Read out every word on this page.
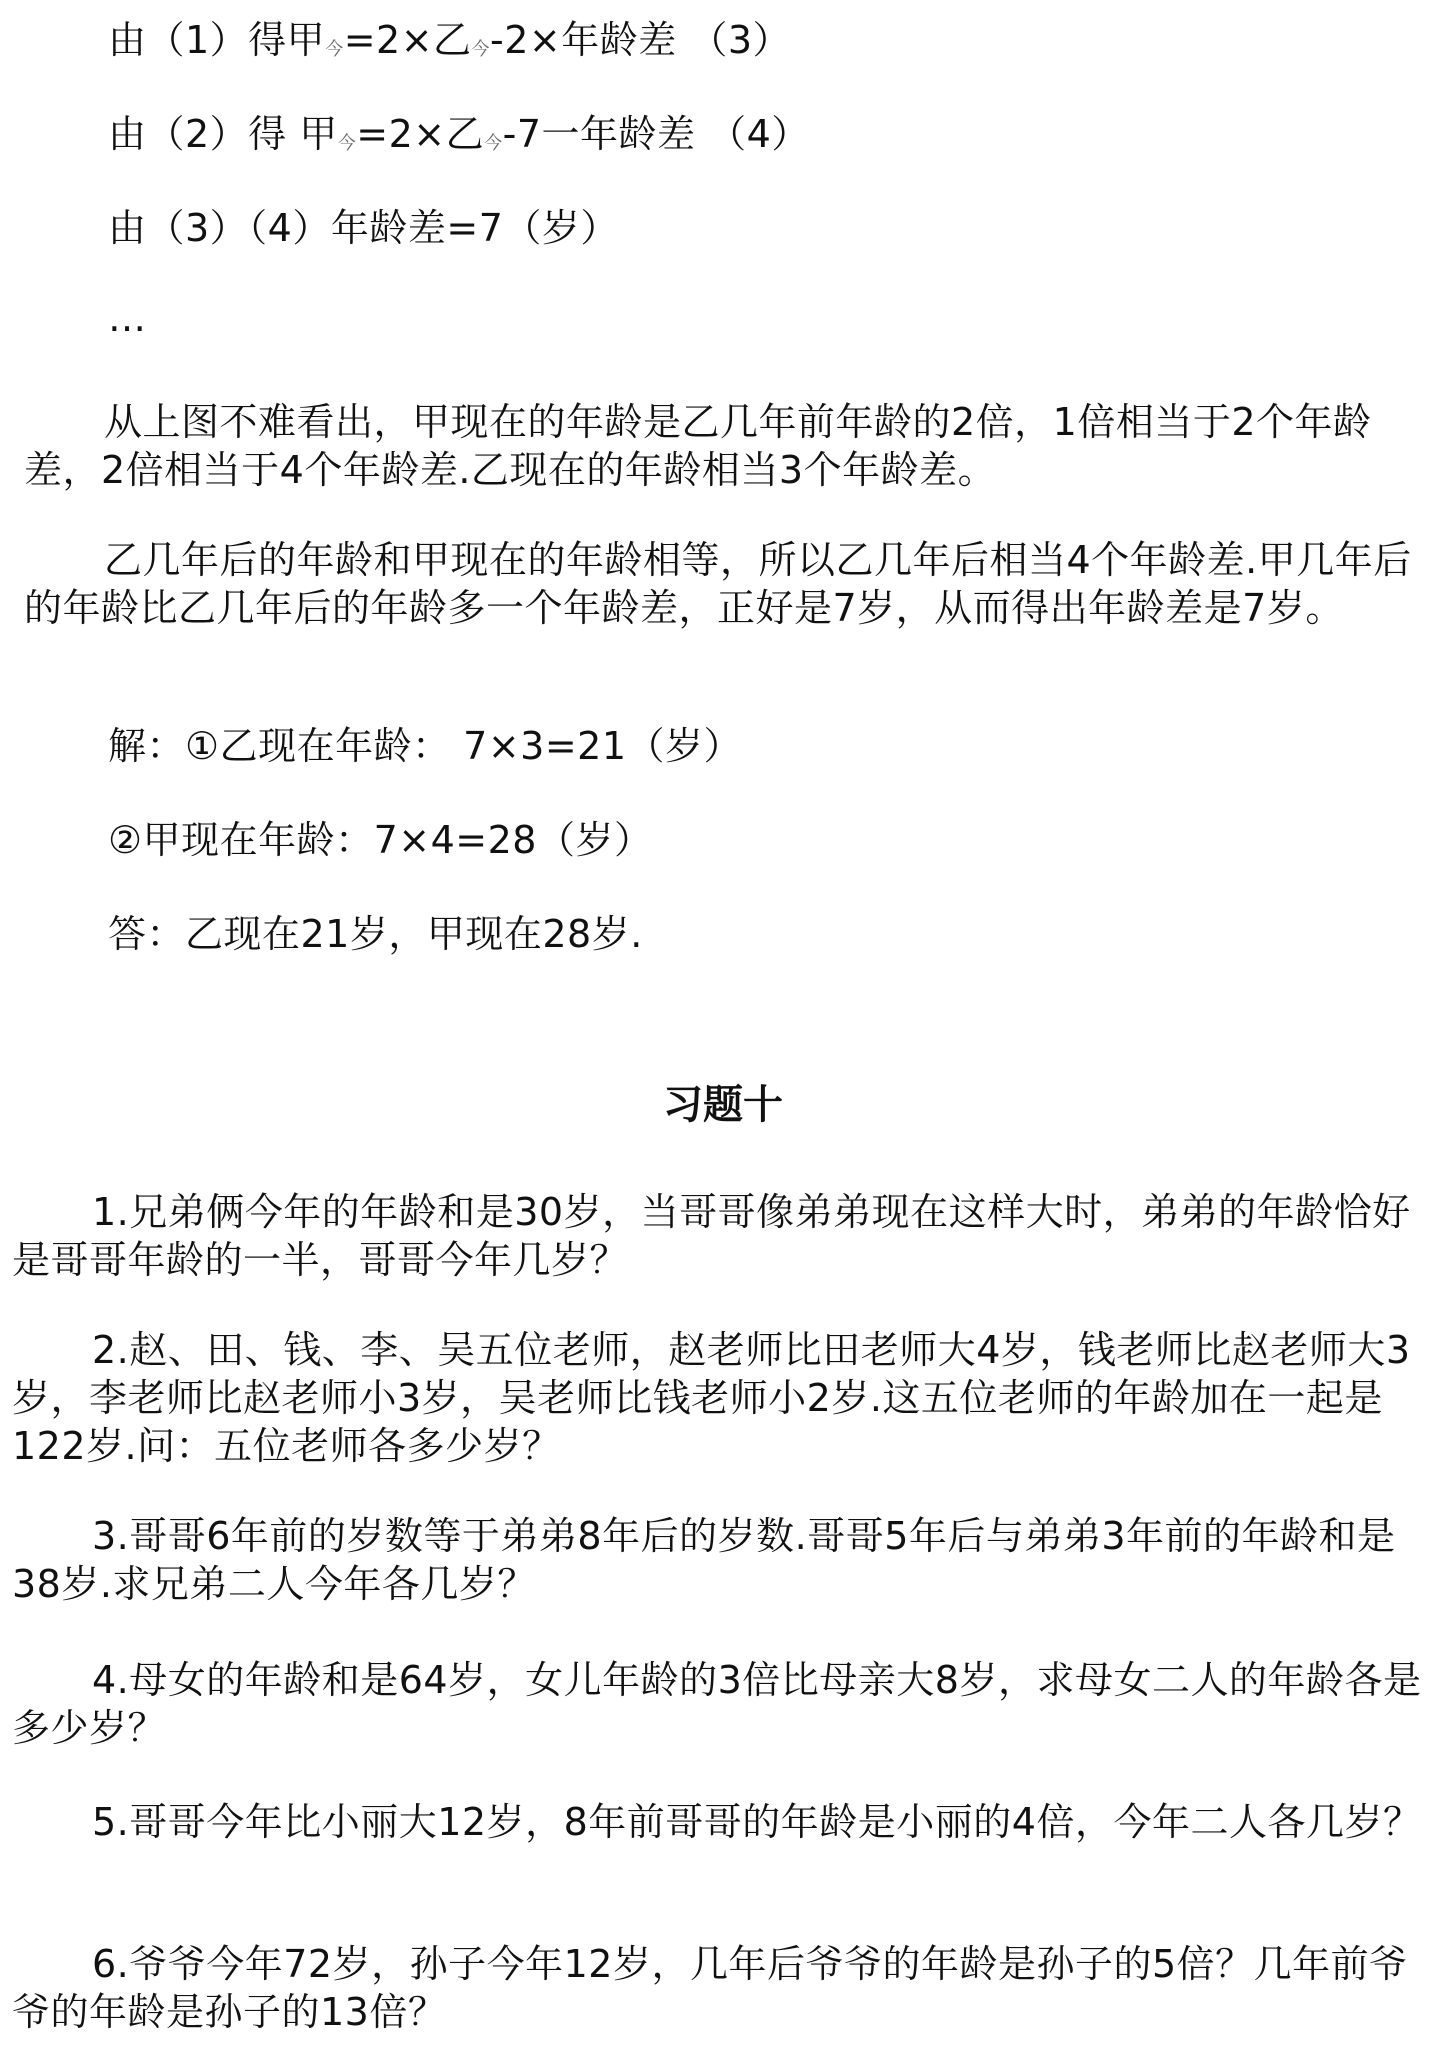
由（1）得甲今=2×乙今-2×年龄差 （3）
由（2）得 甲今=2×乙今-7一年龄差 （4）
由（3）（4）年龄差=7（岁）
…
从上图不难看出，甲现在的年龄是乙几年前年龄的2倍，1倍相当于2个年龄差，2倍相当于4个年龄差.乙现在的年龄相当3个年龄差。
乙几年后的年龄和甲现在的年龄相等，所以乙几年后相当4个年龄差.甲几年后的年龄比乙几年后的年龄多一个年龄差，正好是7岁，从而得出年龄差是7岁。
解：①乙现在年龄： 7×3=21（岁）
②甲现在年龄：7×4=28（岁）
答：乙现在21岁，甲现在28岁.
习题十
1.兄弟俩今年的年龄和是30岁，当哥哥像弟弟现在这样大时，弟弟的年龄恰好是哥哥年龄的一半，哥哥今年几岁？
2.赵、田、钱、李、吴五位老师，赵老师比田老师大4岁，钱老师比赵老师大3岁，李老师比赵老师小3岁，吴老师比钱老师小2岁.这五位老师的年龄加在一起是122岁.问：五位老师各多少岁？
3.哥哥6年前的岁数等于弟弟8年后的岁数.哥哥5年后与弟弟3年前的年龄和是38岁.求兄弟二人今年各几岁？
4.母女的年龄和是64岁，女儿年龄的3倍比母亲大8岁，求母女二人的年龄各是多少岁？
5.哥哥今年比小丽大12岁，8年前哥哥的年龄是小丽的4倍，今年二人各几岁？
6.爷爷今年72岁，孙子今年12岁，几年后爷爷的年龄是孙子的5倍？几年前爷爷的年龄是孙子的13倍？
